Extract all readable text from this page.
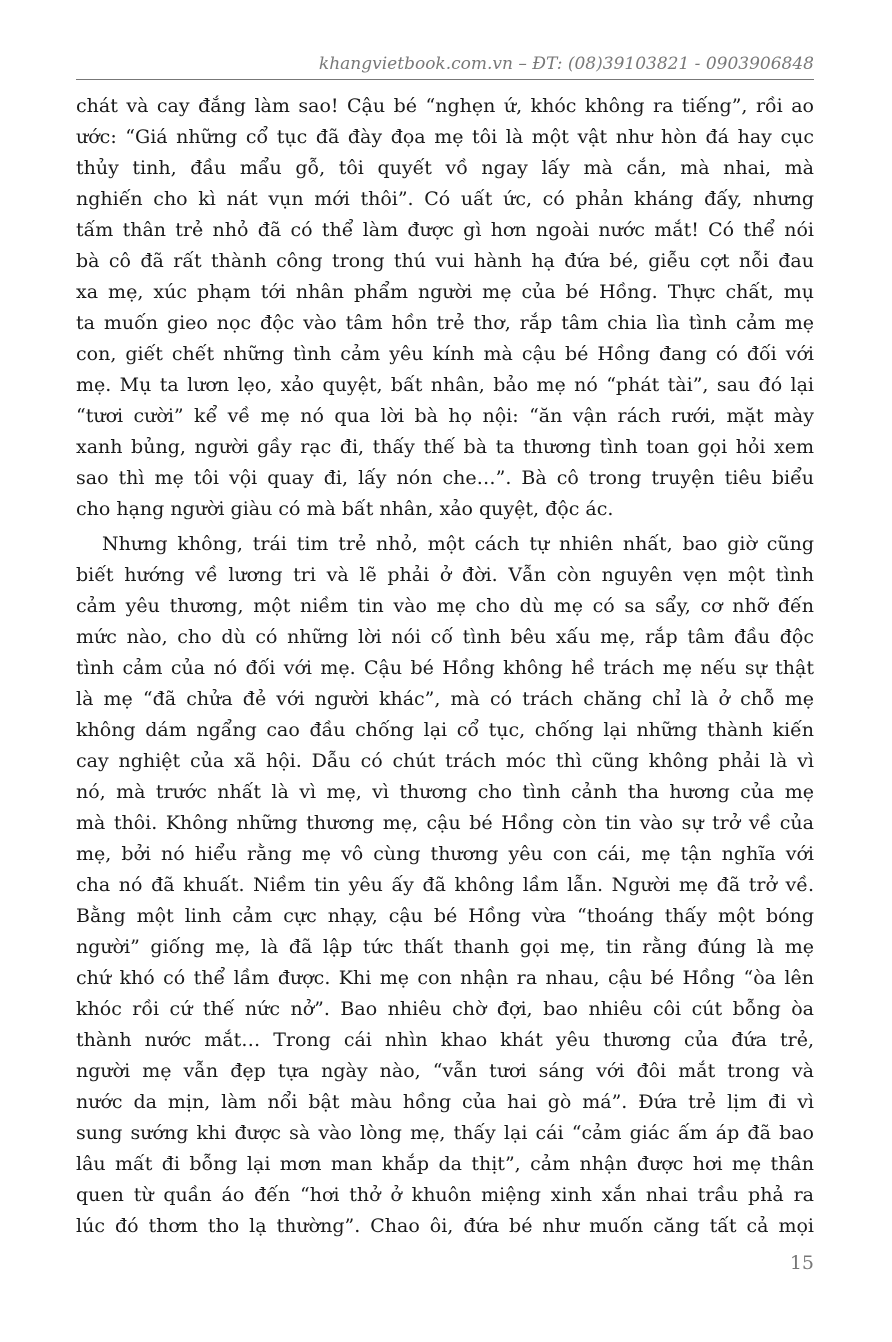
khangvietbook.com.vn – ĐT: (08)39103821 - 0903906848
chát và cay đắng làm sao! Cậu bé “nghẹn ứ, khóc không ra tiếng”, rồi ao
ước: “Giá những cổ tục đã đày đọa mẹ tôi là một vật như hòn đá hay cục
thủy tinh, đầu mẩu gỗ, tôi quyết vồ ngay lấy mà cắn, mà nhai, mà
nghiến cho kì nát vụn mới thôi”. Có uất ức, có phản kháng đấy, nhưng
tấm thân trẻ nhỏ đã có thể làm được gì hơn ngoài nước mắt! Có thể nói
bà cô đã rất thành công trong thú vui hành hạ đứa bé, giễu cợt nỗi đau
xa mẹ, xúc phạm tới nhân phẩm người mẹ của bé Hồng. Thực chất, mụ
ta muốn gieo nọc độc vào tâm hồn trẻ thơ, rắp tâm chia lìa tình cảm mẹ
con, giết chết những tình cảm yêu kính mà cậu bé Hồng đang có đối với
mẹ. Mụ ta lươn lẹo, xảo quyệt, bất nhân, bảo mẹ nó “phát tài”, sau đó lại
“tươi cười” kể về mẹ nó qua lời bà họ nội: “ăn vận rách rưới, mặt mày
xanh bủng, người gầy rạc đi, thấy thế bà ta thương tình toan gọi hỏi xem
sao thì mẹ tôi vội quay đi, lấy nón che…”. Bà cô trong truyện tiêu biểu
cho hạng người giàu có mà bất nhân, xảo quyệt, độc ác.
Nhưng không, trái tim trẻ nhỏ, một cách tự nhiên nhất, bao giờ cũng
biết hướng về lương tri và lẽ phải ở đời. Vẫn còn nguyên vẹn một tình
cảm yêu thương, một niềm tin vào mẹ cho dù mẹ có sa sẩy, cơ nhỡ đến
mức nào, cho dù có những lời nói cố tình bêu xấu mẹ, rắp tâm đầu độc
tình cảm của nó đối với mẹ. Cậu bé Hồng không hề trách mẹ nếu sự thật
là mẹ “đã chửa đẻ với người khác”, mà có trách chăng chỉ là ở chỗ mẹ
không dám ngẩng cao đầu chống lại cổ tục, chống lại những thành kiến
cay nghiệt của xã hội. Dẫu có chút trách móc thì cũng không phải là vì
nó, mà trước nhất là vì mẹ, vì thương cho tình cảnh tha hương của mẹ
mà thôi. Không những thương mẹ, cậu bé Hồng còn tin vào sự trở về của
mẹ, bởi nó hiểu rằng mẹ vô cùng thương yêu con cái, mẹ tận nghĩa với
cha nó đã khuất. Niềm tin yêu ấy đã không lầm lẫn. Người mẹ đã trở về.
Bằng một linh cảm cực nhạy, cậu bé Hồng vừa “thoáng thấy một bóng
người” giống mẹ, là đã lập tức thất thanh gọi mẹ, tin rằng đúng là mẹ
chứ khó có thể lầm được. Khi mẹ con nhận ra nhau, cậu bé Hồng “òa lên
khóc rồi cứ thế nức nở”. Bao nhiêu chờ đợi, bao nhiêu côi cút bỗng òa
thành nước mắt… Trong cái nhìn khao khát yêu thương của đứa trẻ,
người mẹ vẫn đẹp tựa ngày nào, “vẫn tươi sáng với đôi mắt trong và
nước da mịn, làm nổi bật màu hồng của hai gò má”. Đứa trẻ lịm đi vì
sung sướng khi được sà vào lòng mẹ, thấy lại cái “cảm giác ấm áp đã bao
lâu mất đi bỗng lại mơn man khắp da thịt”, cảm nhận được hơi mẹ thân
quen từ quần áo đến “hơi thở ở khuôn miệng xinh xắn nhai trầu phả ra
lúc đó thơm tho lạ thường”. Chao ôi, đứa bé như muốn căng tất cả mọi
15
